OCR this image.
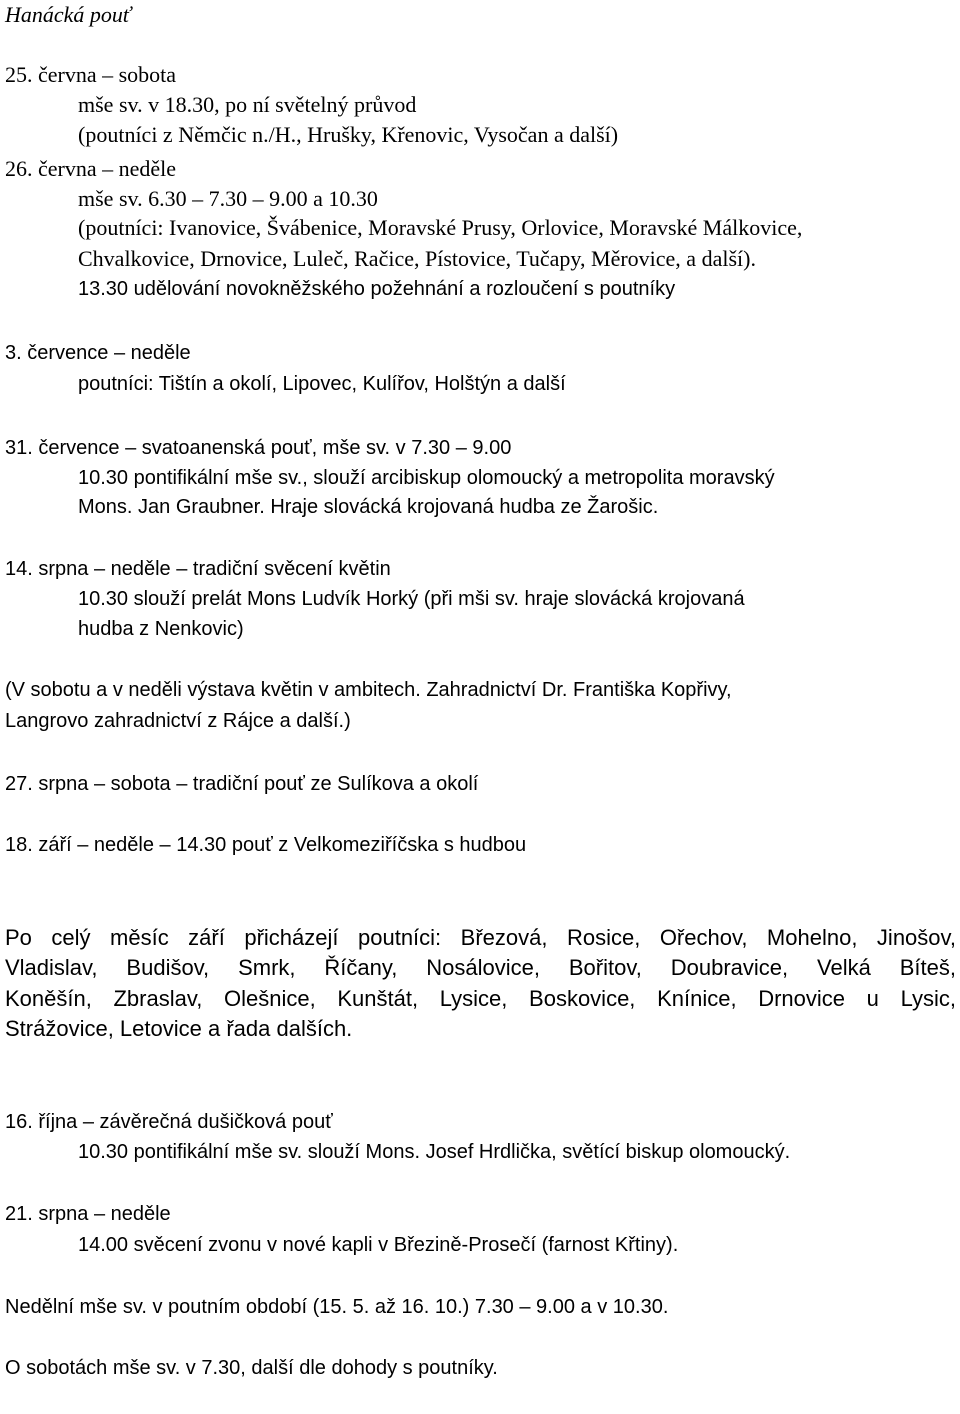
Hanácká pouť
25. června – sobota
mše sv. v 18.30, po ní světelný průvod
(poutníci z Němčic n./H., Hrušky, Křenovic, Vysočan a další)
26. června – neděle
mše sv. 6.30 – 7.30 – 9.00 a 10.30
(poutníci: Ivanovice, Švábenice, Moravské Prusy, Orlovice, Moravské Málkovice,
Chvalkovice, Drnovice, Luleč, Račice, Pístovice, Tučapy, Měrovice, a další).
13.30 udělování novokněžského požehnání a rozloučení s poutníky
3. července – neděle
poutníci: Tištín a okolí, Lipovec, Kulířov, Holštýn a další
31. července – svatoanenská pouť, mše sv. v 7.30 – 9.00
10.30 pontifikální mše sv., slouží arcibiskup olomoucký a metropolita moravský
Mons. Jan Graubner. Hraje slovácká krojovaná hudba ze Žarošic.
14. srpna – neděle – tradiční svěcení květin
10.30 slouží prelát Mons Ludvík Horký (při mši sv. hraje slovácká krojovaná
hudba z Nenkovic)
(V sobotu a v neděli výstava květin v ambitech. Zahradnictví Dr. Františka Kopřivy,
Langrovo zahradnictví z Rájce a další.)
27. srpna – sobota – tradiční pouť ze Sulíkova a okolí
18. září – neděle – 14.30 pouť z Velkomeziříčska s hudbou
Po celý měsíc září přicházejí poutníci: Březová, Rosice, Ořechov, Mohelno, Jinošov,
Vladislav, Budišov, Smrk, Říčany, Nosálovice, Bořitov, Doubravice, Velká Bíteš,
Koněšín, Zbraslav, Olešnice, Kunštát, Lysice, Boskovice, Knínice, Drnovice u Lysic,
Strážovice, Letovice a řada dalších.
16. října – závěrečná dušičková pouť
10.30 pontifikální mše sv. slouží Mons. Josef Hrdlička, světící biskup olomoucký.
21. srpna – neděle
14.00 svěcení zvonu v nové kapli v Březině-Prosečí (farnost Křtiny).
Nedělní mše sv. v poutním období (15. 5. až 16. 10.) 7.30 – 9.00 a v 10.30.
O sobotách mše sv. v 7.30, další dle dohody s poutníky.
